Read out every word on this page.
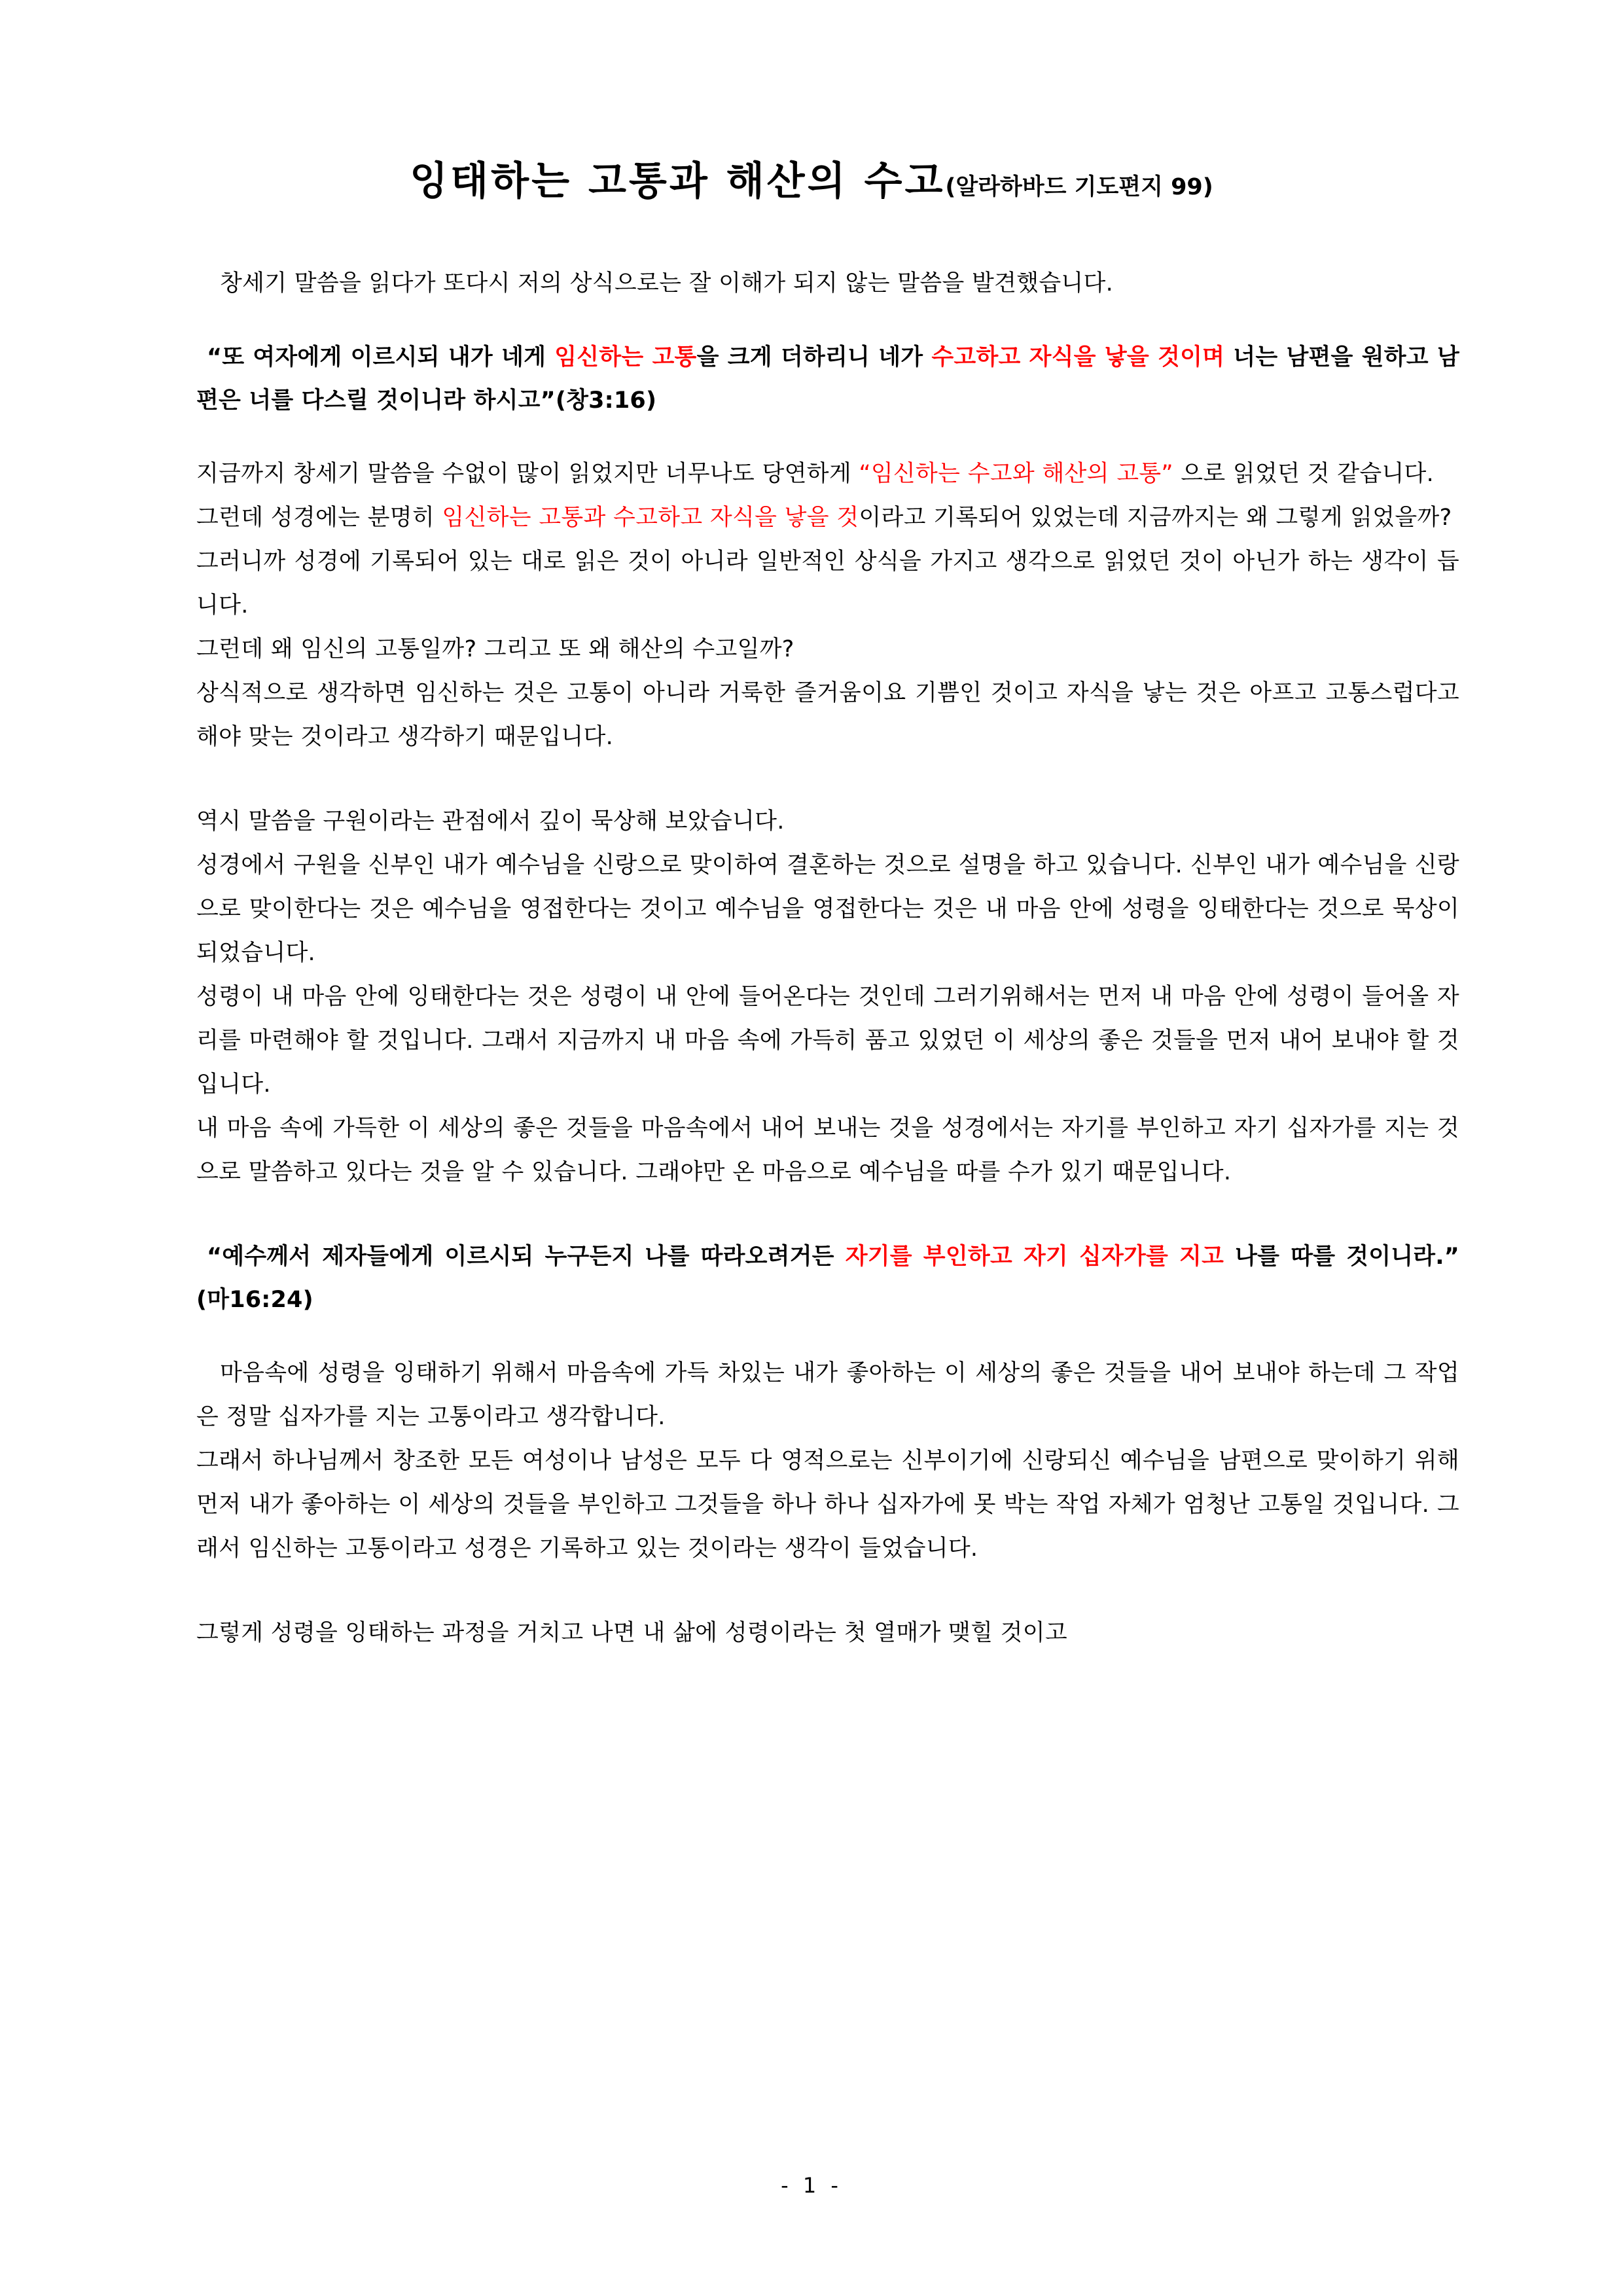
잉태하는 고통과 해산의 수고(알라하바드 기도편지 99)

창세기 말씀을 읽다가 또다시 저의 상식으로는 잘 이해가 되지 않는 말씀을 발견했습니다.

“또 여자에게 이르시되 내가 네게 임신하는 고통을 크게 더하리니 네가 수고하고 자식을 낳을 것이며 너는 남편을 원하고 남편은 너를 다스릴 것이니라 하시고”(창3:16)

지금까지 창세기 말씀을 수없이 많이 읽었지만 너무나도 당연하게 “임신하는 수고와 해산의 고통” 으로 읽었던 것 같습니다.

그런데 성경에는 분명히 임신하는 고통과 수고하고 자식을 낳을 것이라고 기록되어 있었는데 지금까지는 왜 그렇게 읽었을까?

그러니까 성경에 기록되어 있는 대로 읽은 것이 아니라 일반적인 상식을 가지고 생각으로 읽었던 것이 아닌가 하는 생각이 듭니다.

그런데 왜 임신의 고통일까? 그리고 또 왜 해산의 수고일까?

상식적으로 생각하면 임신하는 것은 고통이 아니라 거룩한 즐거움이요 기쁨인 것이고 자식을 낳는 것은 아프고 고통스럽다고 해야 맞는 것이라고 생각하기 때문입니다.

역시 말씀을 구원이라는 관점에서 깊이 묵상해 보았습니다.

성경에서 구원을 신부인 내가 예수님을 신랑으로 맞이하여 결혼하는 것으로 설명을 하고 있습니다. 신부인 내가 예수님을 신랑으로 맞이한다는 것은 예수님을 영접한다는 것이고 예수님을 영접한다는 것은 내 마음 안에 성령을 잉태한다는 것으로 묵상이 되었습니다.

성령이 내 마음 안에 잉태한다는 것은 성령이 내 안에 들어온다는 것인데 그러기위해서는 먼저 내 마음 안에 성령이 들어올 자리를 마련해야 할 것입니다. 그래서 지금까지 내 마음 속에 가득히 품고 있었던 이 세상의 좋은 것들을 먼저 내어 보내야 할 것입니다.

내 마음 속에 가득한 이 세상의 좋은 것들을 마음속에서 내어 보내는 것을 성경에서는 자기를 부인하고 자기 십자가를 지는 것으로 말씀하고 있다는 것을 알 수 있습니다. 그래야만 온 마음으로 예수님을 따를 수가 있기 때문입니다.

“예수께서 제자들에게 이르시되 누구든지 나를 따라오려거든 자기를 부인하고 자기 십자가를 지고 나를 따를 것이니라.” (마16:24)

마음속에 성령을 잉태하기 위해서 마음속에 가득 차있는 내가 좋아하는 이 세상의 좋은 것들을 내어 보내야 하는데 그 작업은 정말 십자가를 지는 고통이라고 생각합니다.

그래서 하나님께서 창조한 모든 여성이나 남성은 모두 다 영적으로는 신부이기에 신랑되신 예수님을 남편으로 맞이하기 위해 먼저 내가 좋아하는 이 세상의 것들을 부인하고 그것들을 하나 하나 십자가에 못 박는 작업 자체가 엄청난 고통일 것입니다. 그래서 임신하는 고통이라고 성경은 기록하고 있는 것이라는 생각이 들었습니다.

그렇게 성령을 잉태하는 과정을 거치고 나면 내 삶에 성령이라는 첫 열매가 맺힐 것이고

- 1 -
